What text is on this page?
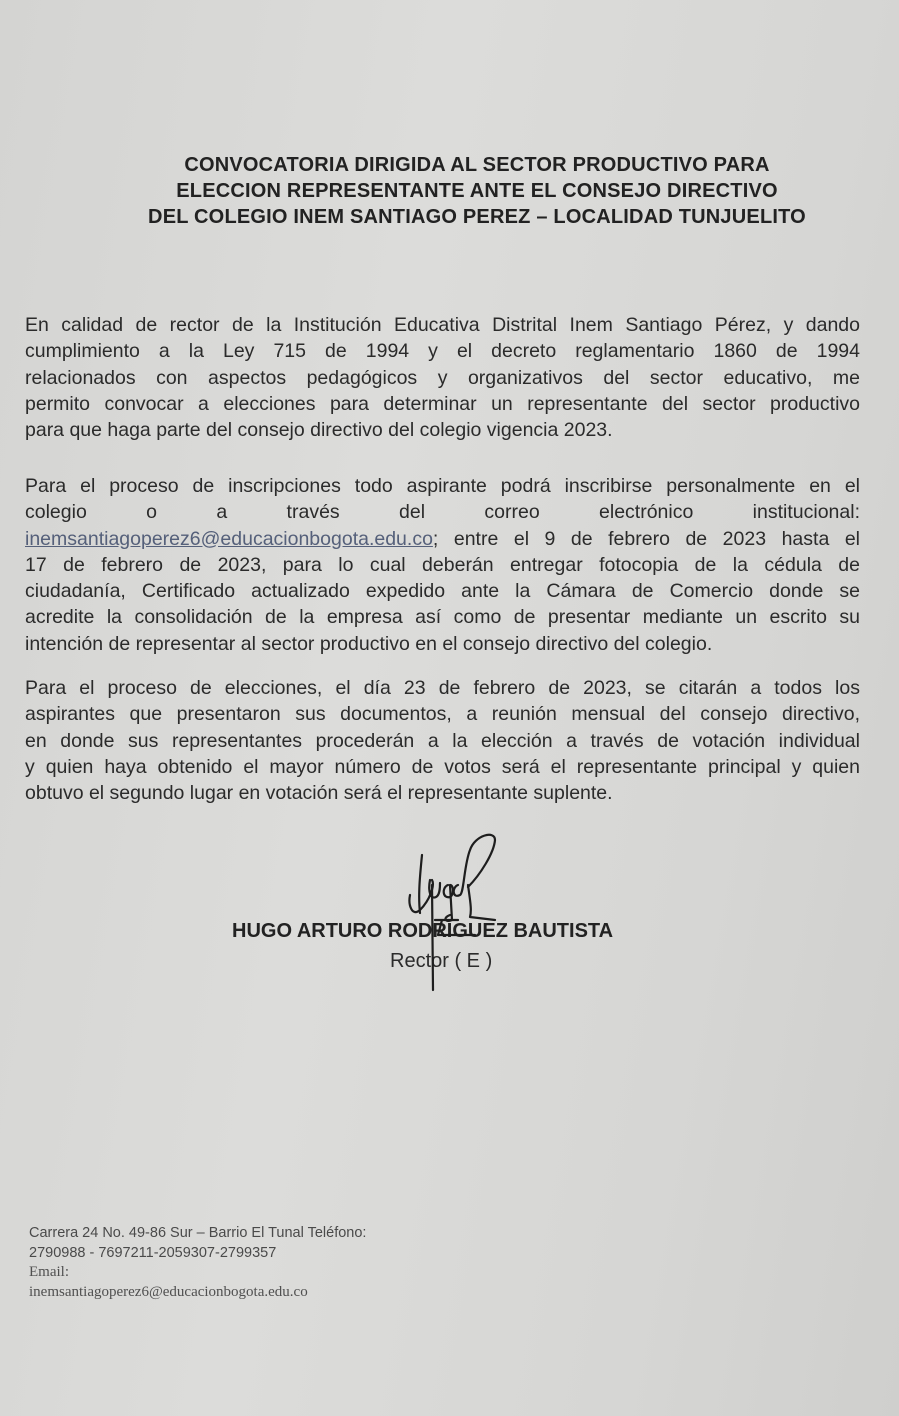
CONVOCATORIA DIRIGIDA AL SECTOR PRODUCTIVO PARA
ELECCION REPRESENTANTE ANTE EL CONSEJO DIRECTIVO
DEL COLEGIO INEM SANTIAGO PEREZ – LOCALIDAD TUNJUELITO
En calidad de rector de la Institución Educativa Distrital Inem Santiago Pérez, y dando
cumplimiento a la Ley 715 de 1994 y el decreto reglamentario 1860 de 1994
relacionados con aspectos pedagógicos y organizativos del sector educativo, me
permito convocar a elecciones para determinar un representante del sector productivo
para que haga parte del consejo directivo del colegio vigencia 2023.
Para el proceso de inscripciones todo aspirante podrá inscribirse personalmente en el
colegio o a través del correo electrónico institucional:
inemsantiagoperez6@educacionbogota.edu.co; entre el 9 de febrero de 2023 hasta el
17 de febrero de 2023, para lo cual deberán entregar fotocopia de la cédula de
ciudadanía, Certificado actualizado expedido ante la Cámara de Comercio donde se
acredite la consolidación de la empresa así como de presentar mediante un escrito su
intención de representar al sector productivo en el consejo directivo del colegio.
Para el proceso de elecciones, el día 23 de febrero de 2023, se citarán a todos los
aspirantes que presentaron sus documentos, a reunión mensual del consejo directivo,
en donde sus representantes procederán a la elección a través de votación individual
y quien haya obtenido el mayor número de votos será el representante principal y quien
obtuvo el segundo lugar en votación será el representante suplente.
HUGO ARTURO RODRÍGUEZ BAUTISTA
Rector ( E )
Carrera 24 No. 49-86 Sur – Barrio El Tunal Teléfono:
2790988 - 7697211-2059307-2799357
Email:
inemsantiagoperez6@educacionbogota.edu.co
